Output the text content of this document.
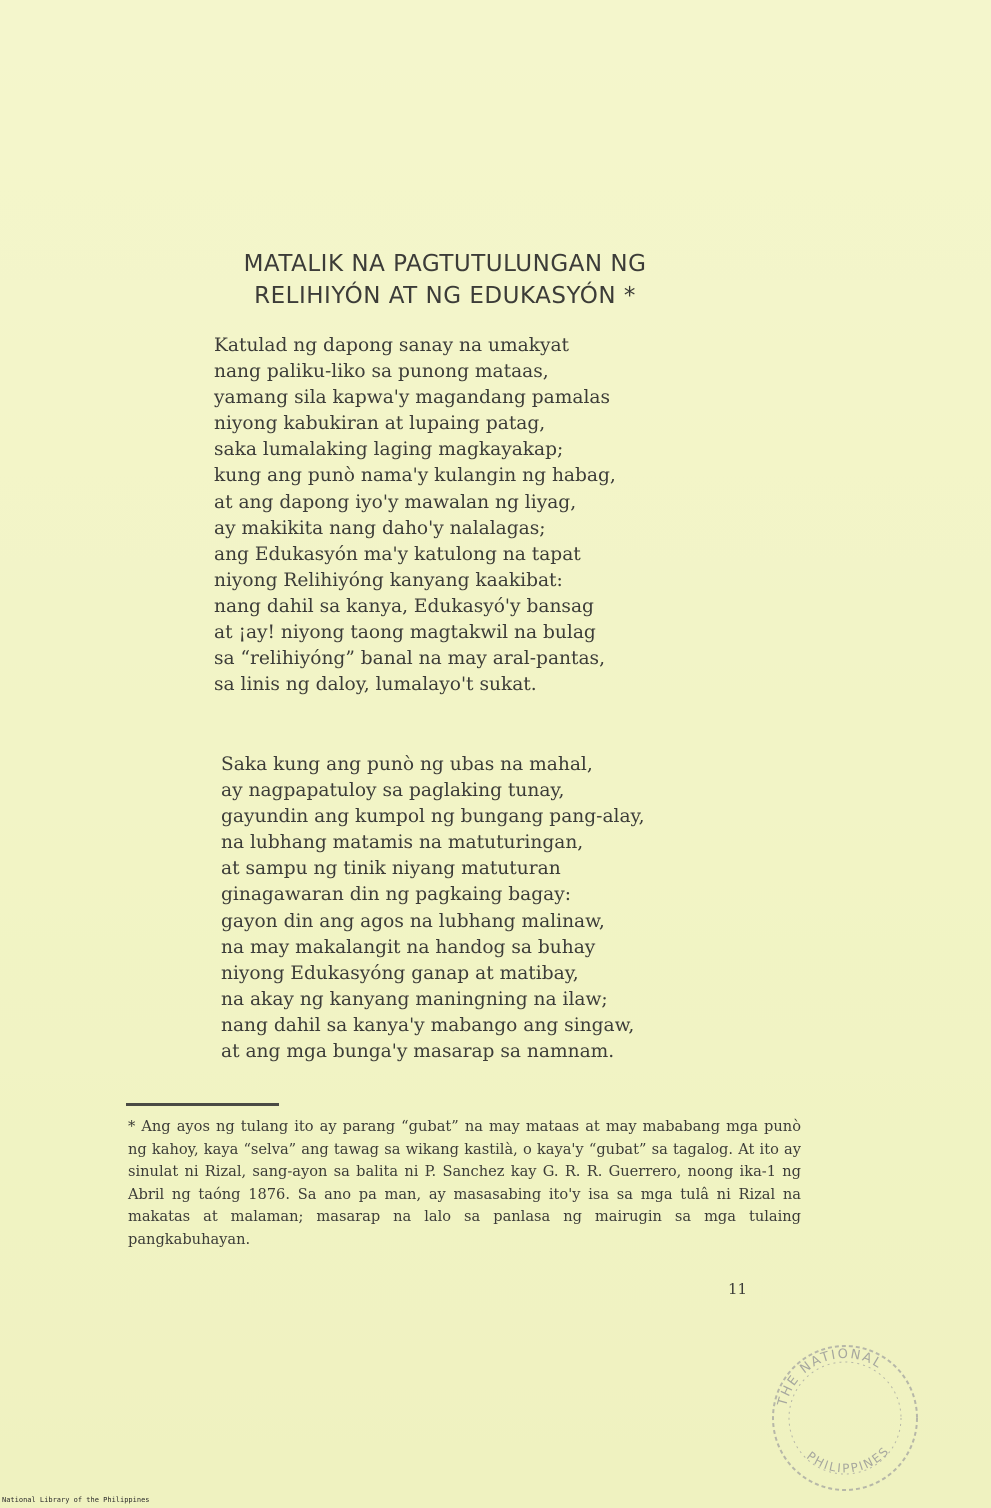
MATALIK NA PAGTUTULUNGAN NG
RELIHIYÓN AT NG EDUKASYÓN *
Katulad ng dapong sanay na umakyat
nang paliku-liko sa punong mataas,
yamang sila kapwa'y magandang pamalas
niyong kabukiran at lupaing patag,
saka lumalaking laging magkayakap;
kung ang punò nama'y kulangin ng habag,
at ang dapong iyo'y mawalan ng liyag,
ay makikita nang daho'y nalalagas;
ang Edukasyón ma'y katulong na tapat
niyong Relihiyóng kanyang kaakibat:
nang dahil sa kanya, Edukasyó'y bansag
at ¡ay! niyong taong magtakwil na bulag
sa “relihiyóng” banal na may aral-pantas,
sa linis ng daloy, lumalayo't sukat.
Saka kung ang punò ng ubas na mahal,
ay nagpapatuloy sa paglaking tunay,
gayundin ang kumpol ng bungang pang-alay,
na lubhang matamis na matuturingan,
at sampu ng tinik niyang matuturan
ginagawaran din ng pagkaing bagay:
gayon din ang agos na lubhang malinaw,
na may makalangit na handog sa buhay
niyong Edukasyóng ganap at matibay,
na akay ng kanyang maningning na ilaw;
nang dahil sa kanya'y mabango ang singaw,
at ang mga bunga'y masarap sa namnam.
* Ang ayos ng tulang ito ay parang “gubat” na may mataas at may mababang mga punò ng kahoy, kaya “selva” ang tawag sa wikang kastilà, o kaya'y “gubat” sa tagalog. At ito ay sinulat ni Rizal, sang-ayon sa balita ni P. Sanchez kay G. R. R. Guerrero, noong ika-1 ng Abril ng taóng 1876. Sa ano pa man, ay masasabing ito'y isa sa mga tulâ ni Rizal na makatas at malaman; masarap na lalo sa panlasa ng mairugin sa mga tulaing pangkabuhayan.
11
THE NATIONAL
PHILIPPINES
National Library of the Philippines
